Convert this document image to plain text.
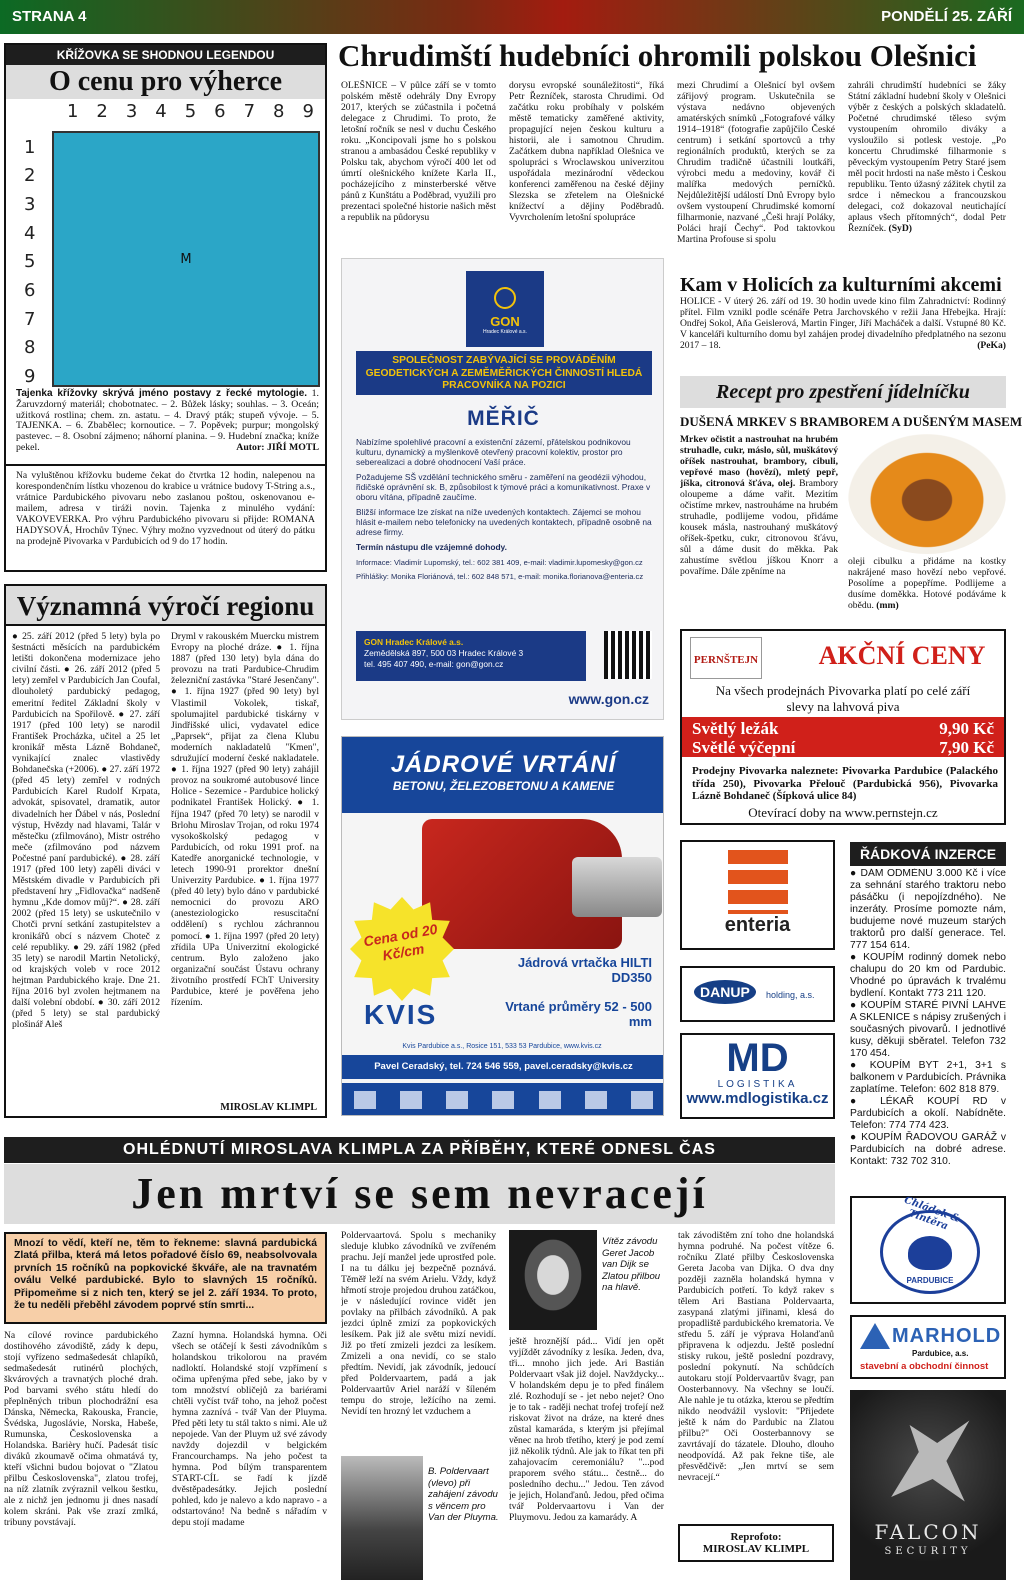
STRANA 4	PONDĚLÍ 25. ZÁŘÍ
KŘÍŽOVKA SE SHODNOU LEGENDOU
O cenu pro výherce
1 2 3 4 5 6 7 8 9
1
2
3
4
5
6
7
8
9

				M				

Tajenka křížovky skrývá jméno postavy z řecké mytologie. 1. Žaruvzdorný materiál; chobotnatec. – 2. Bůžek lásky; souhlas. – 3. Oceán; užitková rostlina; chem. zn. astatu. – 4. Dravý pták; stupeň vývoje. – 5. TAJENKA. – 6. Zbabělec; kornoutice. – 7. Popěvek; purpur; mongolský pastevec. – 8. Osobní zájmeno; náhorní planina. – 9. Hudební značka; kníže pekel.	Autor: JIŘÍ MOTL
Na vyluštěnou křížovku budeme čekat do čtvrtka 12 hodin, nalepenou na korespondenčním lístku vhozenou do krabice u vrátnice budovy T-String a.s., vrátnice Pardubického pivovaru nebo zaslanou poštou, oskenovanou e-mailem, adresa v tiráži novin. Tajenka z minulého vydání: VAKOVEVERKA. Pro výhru Pardubického pivovaru si přijde: ROMANA HADYSOVÁ, Hrochův Týnec. Výhry možno vyzvednout od úterý do pátku na prodejně Pivovarka v Pardubicích od 9 do 17 hodin.
Chrudimští hudebníci ohromili polskou Olešnici
OLEŠNICE – V půlce září se v tomto polském městě odehrály Dny Evropy 2017, kterých se zúčastnila i početná delegace z Chrudimi. To proto, že letošní ročník se nesl v duchu Českého roku. „Koncipovali jsme ho s polskou stranou a ambasádou České republiky v Polsku tak, abychom výročí 400 let od úmrtí olešnického knížete Karla II., pocházejícího z minsterberské větve pánů z Kunštátu a Poděbrad, využili pro prezentaci společné historie našich měst a republik na půdorysu
dorysu evropské sounáležitosti“, říká Petr Řezníček, starosta Chrudimi. Od začátku roku probíhaly v polském městě tematicky zaměřené aktivity, propagující nejen českou kulturu a historii, ale i samotnou Chrudim. Začátkem dubna například Olešnica ve spolupráci s Wroclawskou univerzitou uspořádala mezinárodní vědeckou konferenci zaměřenou na české dějiny Slezska se zřetelem na Olešnické knížectví a dějiny Poděbradů. Vyvrcholením letošní spolupráce
mezi Chrudimí a Olešnicí byl ovšem zářijový program. Uskutečnila se výstava nedávno objevených amatérských snímků „Fotografové války 1914–1918“ (fotografie zapůjčilo České centrum) i setkání sportovců a trhy regionálních produktů, kterých se za Chrudim tradičně účastnili loutkáři, výrobci medu a medoviny, kovář či malířka medových perníčků. Nejdůležitější událostí Dnů Evropy bylo ovšem vystoupení Chrudimské komorní filharmonie, nazvané „Češi hrají Poláky, Poláci hrají Čechy“. Pod taktovkou Martina Profouse si spolu
zahráli chrudimští hudebníci se žáky Státní základní hudební školy v Olešnici výběr z českých a polských skladatelů. Početné chrudimské těleso svým vystoupením ohromilo diváky a vysloužilo si potlesk vestoje. „Po koncertu Chrudimské filharmonie s pěveckým vystoupením Petry Staré jsem měl pocit hrdosti na naše město i Českou republiku. Tento úžasný zážitek chytil za srdce i německou a francouzskou delegaci, což dokazoval neutichající aplaus všech přítomných“, dodal Petr Řezníček. (SyD)
GON
Hradec Králové a.s.
SPOLEČNOST ZABÝVAJÍCÍ SE PROVÁDĚNÍM GEODETICKÝCH A ZEMĚMĚŘICKÝCH ČINNOSTÍ HLEDÁ PRACOVNÍKA NA POZICI
MĚŘIČ

Nabízíme spolehlivé pracovní a existenční zázemí, přátelskou podnikovou kulturu, dynamický a myšlenkově otevřený pracovní kolektiv, prostor pro seberealizaci a dobré ohodnocení Vaší práce.

Požadujeme SŠ vzdělání technického směru - zaměření na geodézii výhodou, řidičské oprávnění sk. B, způsobilost k týmové práci a komunikativnost. Praxe v oboru vítána, případně zaučíme.

Bližší informace lze získat na níže uvedených kontaktech. Zájemci se mohou hlásit e-mailem nebo telefonicky na uvedených kontaktech, případně osobně na adrese firmy.

Termín nástupu dle vzájemné dohody.

Informace: Vladimír Lupomský, tel.: 602 381 409, e-mail: vladimir.lupomesky@gon.cz

Přihlášky: Monika Floriánová, tel.: 602 848 571, e-mail: monika.florianova@enteria.cz

GON Hradec Králové a.s.
Zemědělská 897, 500 03 Hradec Králové 3
tel. 495 407 490, e-mail: gon@gon.cz
www.gon.cz
JÁDROVÉ VRTÁNÍ
BETONU, ŽELEZOBETONU A KAMENE
Cena od 20 Kč/cm	Jádrová vrtačka HILTI DD350
Vrtané průměry 52 - 500 mm
KVIS
Kvis Pardubice a.s., Rosice 151, 533 53 Pardubice, www.kvis.cz
Pavel Ceradský, tel. 724 546 559, pavel.ceradsky@kvis.cz
Kam v Holicích za kulturními akcemi
HOLICE - V úterý 26. září od 19. 30 hodin uvede kino film Zahradnictví: Rodinný přítel. Film vznikl podle scénáře Petra Jarchovského v režii Jana Hřebejka. Hrají: Ondřej Sokol, Aňa Geislerová, Martin Finger, Jiří Macháček a další. Vstupné 80 Kč. V kanceláři kulturního domu byl zahájen prodej divadelního předplatného na sezonu 2017 – 18.	(PeKa)
Recept pro zpestření jídelníčku
DUŠENÁ MRKEV S BRAMBOREM A DUŠENÝM MASEM
Mrkev očistit a nastrouhat na hrubém struhadle, cukr, máslo, sůl, muškátový oříšek nastrouhat, brambory, cibuli, vepřové maso (hovězí), mletý pepř, jíška, citronová šťáva, olej. Brambory oloupeme a dáme vařit. Mezitím očistíme mrkev, nastrouháme na hrubém struhadle, podlijeme vodou, přidáme kousek másla, nastrouhaný muškátový oříšek-špetku, cukr, citronovou šťávu, sůl a dáme dusit do měkka. Pak zahustíme světlou jíškou Knorr a povaříme. Dále zpěníme na
oleji cibulku a přidáme na kostky nakrájené maso hovězí nebo vepřové. Posolíme a popepříme. Podlijeme a dusíme doměkka. Hotové podáváme k obědu. (mm)
PERNŠTEJN	AKČNÍ CENY
Na všech prodejnách Pivovarka platí po celé září slevy na lahvová piva
Světlý ležák	9,90 Kč
Světlé výčepní	7,90 Kč
Prodejny Pivovarka naleznete: Pivovarka Pardubice (Palackého třída 250), Pivovarka Přelouč (Pardubická 956), Pivovarka Lázně Bohdaneč (Šípková ulice 84)
Otevírací doby na www.pernstejn.cz
Významná výročí regionu
● 25. září 2012 (před 5 lety) byla po šestnácti měsících na pardubickém letišti dokončena modernizace jeho civilní části. ● 26. září 2012 (před 5 lety) zemřel v Pardubicích Jan Coufal, dlouholetý pardubický pedagog, emeritní ředitel Základní školy v Pardubicích na Spořilově. ● 27. září 1917 (před 100 lety) se narodil František Procházka, učitel a 25 let kronikář města Lázně Bohdaneč, vynikající znalec vlastivědy Bohdanečska (+2006). ● 27. září 1972 (před 45 lety) zemřel v rodných Pardubicích Karel Rudolf Krpata, advokát, spisovatel, dramatik, autor divadelních her Ďábel v nás, Poslední výstup, Hvězdy nad hlavami, Talár v městečku (zfilmováno), Mistr ostrého meče (zfilmováno pod názvem Počestné paní pardubické). ● 28. září 1917 (před 100 lety) zapěli diváci v Městském divadle v Pardubicích při představení hry „Fidlovačka“ nadšeně hymnu „Kde domov můj?“. ● 28. září 2002 (před 15 lety) se uskutečnilo v Chotči první setkání zastupitelstev a kronikářů obcí s názvem Choteč z celé republiky. ● 29. září 1982 (před 35 lety) se narodil Martin Netolický, od krajských voleb v roce 2012 hejtman Pardubického kraje. Dne 21. října 2016 byl zvolen hejtmanem na další volební období. ● 30. září 2012 (před 5 lety) se stal pardubický plošinář Aleš
Dryml v rakouském Muercku mistrem Evropy na ploché dráze. ● 1. října 1887 (před 130 lety) byla dána do provozu na trati Pardubice-Chrudim železniční zastávka "Staré Jesenčany". ● 1. října 1927 (před 90 lety) byl Vlastimil Vokolek, tiskař, spolumajitel pardubické tiskárny v Jindřišské ulici, vydavatel edice „Paprsek“, přijat za člena Klubu moderních nakladatelů "Kmen", sdružující moderní české nakladatele. ● 1. října 1927 (před 90 lety) zahájil provoz na soukromé autobusové lince Holice - Sezemice - Pardubice holický podnikatel František Holický. ● 1. října 1947 (před 70 lety) se narodil v Brlohu Miroslav Trojan, od roku 1974 vysokoškolský pedagog v Pardubicích, od roku 1991 prof. na Katedře anorganické technologie, v letech 1990-91 prorektor dnešní Univerzity Pardubice. ● 1. října 1977 (před 40 lety) bylo dáno v pardubické nemocnici do provozu ARO (anesteziologicko resuscitační oddělení) s rychlou záchrannou pomocí. ● 1. října 1997 (před 20 lety) zřídila UPa Univerzitní ekologické centrum. Bylo založeno jako organizační součást Ústavu ochrany životního prostředí FChT University Pardubice, které je pověřena jeho řízením.
MIROSLAV KLIMPL
enteria
DANUP	holding, a.s.
MD
LOGISTIKA
www.mdlogistika.cz
ŘÁDKOVÁ INZERCE

● DÁM ODMĚNU 3.000 Kč i více za sehnání starého traktoru nebo pásáčku (i nepojízdného). Ne inzeráty. Prosíme pomozte nám, budujeme nové muzeum starých traktorů pro další generace. Tel. 777 154 614.

● KOUPÍM rodinný domek nebo chalupu do 20 km od Pardubic. Vhodné po úpravách k trvalému bydlení. Kontakt 773 211 120.

● KOUPÍM STARÉ PIVNÍ LAHVE A SKLENICE s nápisy zrušených i současných pivovarů. I jednotlivé kusy, děkuji sběratel. Telefon 732 170 454.

● KOUPÍM BYT 2+1, 3+1 s balkonem v Pardubicích. Právnika zaplatíme. Telefon: 602 818 879.

● LÉKAŘ KOUPÍ RD v Pardubicích a okolí. Nabídněte. Telefon: 774 774 423.

● KOUPÍM ŘADOVOU GARÁŽ v Pardubicích na dobré adrese. Kontakt: 732 702 310.

OHLÉDNUTÍ MIROSLAVA KLIMPLA ZA PŘÍBĚHY, KTERÉ ODNESL ČAS
Jen mrtví se sem nevracejí
Mnozí to vědí, kteří ne, těm to řekneme: slavná pardubická Zlatá přilba, která má letos pořadové číslo 69, neabsolvovala prvních 15 ročníků na popkovické škváře, ale na travnatém oválu Velké pardubické. Bylo to slavných 15 ročníků. Připomeňme si z nich ten, který se jel 2. září 1934. To proto, že tu neděli přeběhl závodem poprvé stín smrti...
Na cílové rovince pardubického dostihového závodiště, zády k depu, stojí vyřízeno sedmašedesát chlapíků, sedmašedesát rutinérů plochých, škvárových a travnatých ploché drah. Pod barvami svého státu hledí do přeplněných tribun plochodrážní esa Dánska, Německa, Rakouska, Francie, Švédska, Jugoslávie, Norska, Habeše, Rumunska, Československa a Holandska. Barièry hučí. Padesát tisíc diváků zkoumavě očima ohmatává ty, kteří všichni budou bojovat o "Zlatou přilbu Československa", zlatou trofej, na níž zlatník zvýraznil velkou šestku, ale z nichž jen jednomu ji dnes nasadí kolem skráni. Pak vše zrazí zmlká, tribuny povstávají.
Zazní hymna. Holandská hymna. Oči všech se otáčejí k šesti závodníkům s holandskou trikolorou na pravém nadloktí. Holandské stojí vzpřímení s očima upřenýma před sebe, jako by v tom množství obličejů za bariérami chtěli vyčíst tvář toho, na jehož počest hymna zaznívá - tvář Van der Pluyma. Před pěti lety tu stál takto s nimi. Ale už nepojede. Van der Pluym už své závody navždy dojezdil v belgickém Francourchamps. Na jeho počest ta hymna. Pod bílým transparentem START-CÍL se řadí k jízdě dvěstěpadesátky. Jejich poslední pohled, kdo je nalevo a kdo napravo - a odstartováno! Na bedně s nářadím v depu stojí madame
Poldervaartová. Spolu s mechaniky sleduje klubko závodníků ve zvířeném prachu. Její manžel jede uprostřed pole. I na tu dálku jej bezpečně poznává. Těměř leží na svém Arielu. Vždy, když hřmotí stroje projedou druhou zatáčkou, je v následující rovince vidět jen povlaky na přilbách závodníků. A pak jezdci úplně zmizí za popkovických lesíkem. Pak již ale světu mizí nevidí. Již po třetí zmizeli jezdci za lesíkem. Zmizeli a ona nevidí, co se stalo předtím. Nevidí, jak závodník, jedoucí před Poldervaartem, padá a jak Poldervaartův Ariel naráží v šíleném tempu do stroje, ležícího na zemi. Nevidí ten hrozný let vzduchem a
Vítěz závodu Geret Jacob van Dijk se Zlatou přilbou na hlavě.
ještě hroznější pád... Vidí jen opět vyjíždět závodníky z lesíka. Jeden, dva, tři... mnoho jich jede. Ari Bastián Poldervaart však již dojel. Navždycky... V holandském depu je to před finálem zlé. Rozhodují se - jet nebo nejet? Ono je to tak - raději nechat trofej trofejí než riskovat život na dráze, na které dnes zůstal kamaráda, s kterým jsi přejímal věnec na hrob třetího, který je pod zemí již několik týdnů. Ale jak to říkat ten při zahajovacím ceremoniálu? "...pod praporem svého státu... čestně... do posledního dechu..." Jedou. Ten závod je jejich, Holanďanů. Jedou, před očima tvář Poldervaartovu i Van der Pluymovu. Jedou za kamarády. A
B. Poldervaart (vlevo) při zahájení závodu s věncem pro Van der Pluyma.
tak závodištěm zní toho dne holandská hymna podruhé. Na počest vítěze 6. ročníku Zlaté přilby Československa Gereta Jacoba van Dijka. O dva dny později zazněla holandská hymna v Pardubicích potřetí. To když rakev s tělem Ari Bastiana Poldervaarta, zasypaná zlatými jiřinami, klesá do propadliště pardubického krematoria. Ve středu 5. září je výprava Holanďanů připravena k odjezdu. Ještě poslední stisky rukou, ještě poslední pozdravy, poslední pokynutí. Na schůdcích autokaru stojí Poldervaartův švagr, pan Oosterbannovy. Na všechny se loučí. Ale nahle je tu otázka, kterou se předtím nikdo neodvážil vyslovit: "Přijedete ještě k nám do Pardubic na Zlatou přilbu?" Oči Oosterbannovy se zavrtávají do tázatele. Dlouho, dlouho neodpovídá. Až pak řekne tiše, ale přesvědčivě: „Jen mrtví se sem nevracejí.“
Reprofoto:
MIROSLAV KLIMPL
Chládek & Tintěra
PARDUBICE
MARHOLD
Pardubice, a.s.
stavební a obchodní činnost
FALCON
SECURITY
